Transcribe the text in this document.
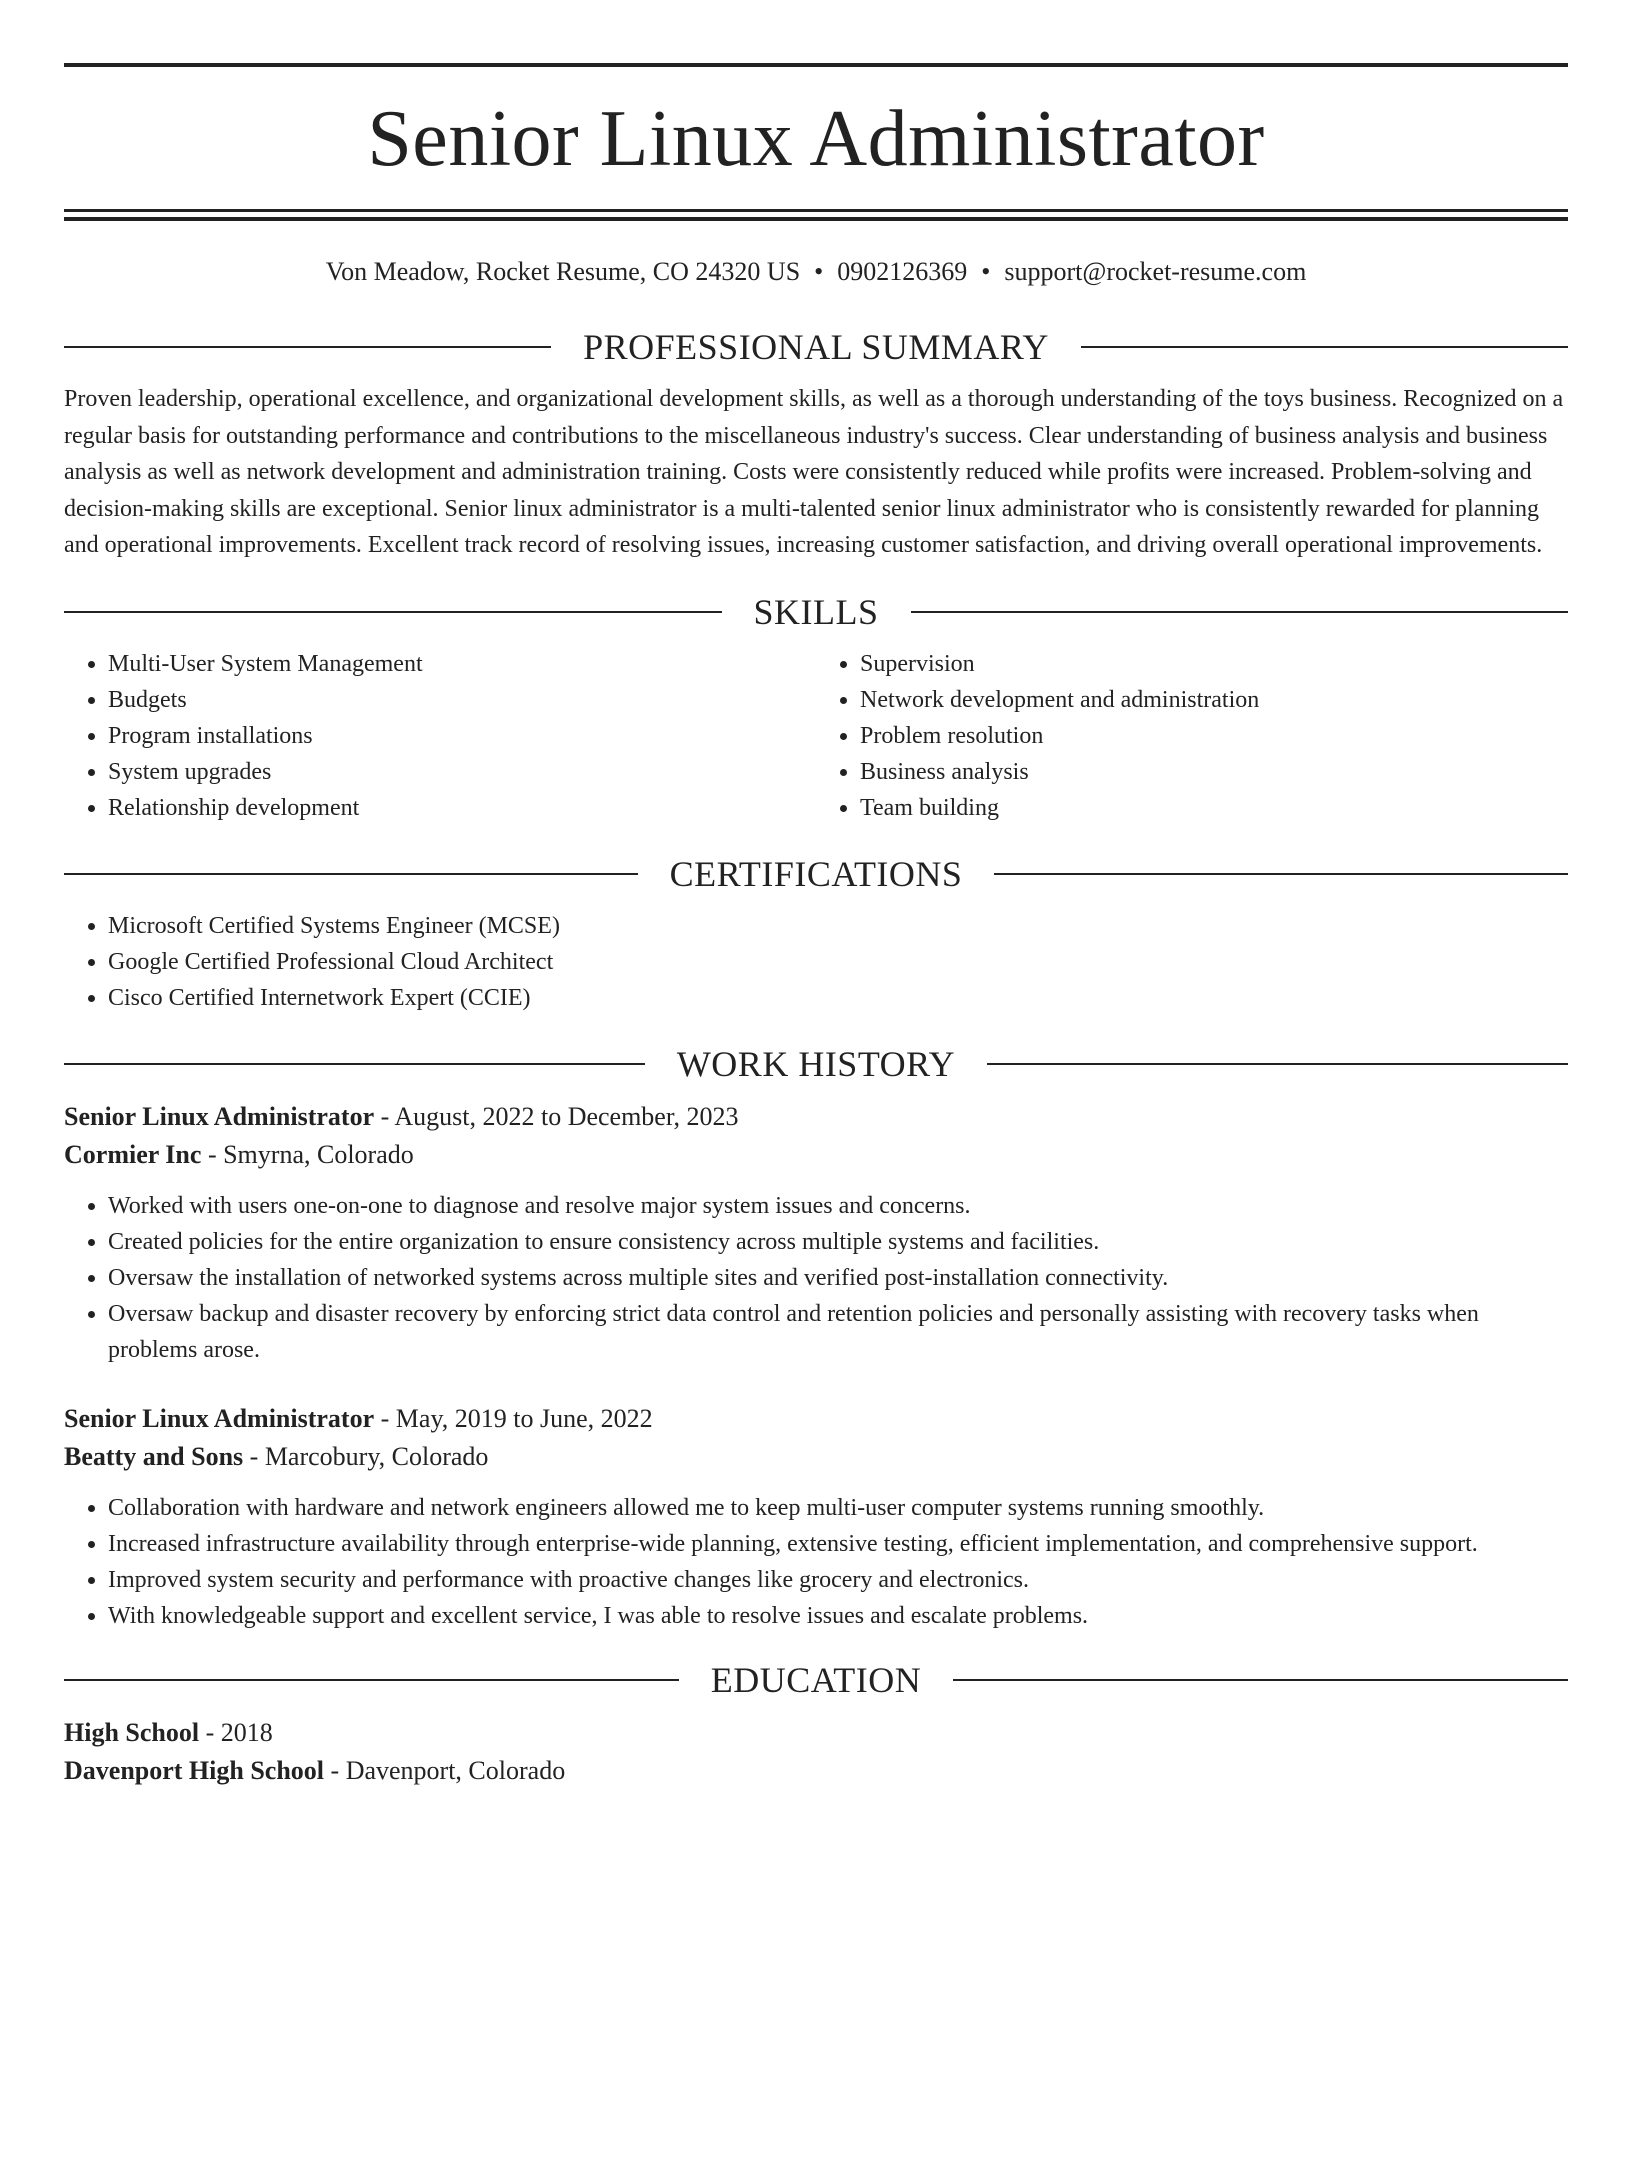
Senior Linux Administrator
Von Meadow, Rocket Resume, CO 24320 US • 0902126369 • support@rocket-resume.com
PROFESSIONAL SUMMARY

Proven leadership, operational excellence, and organizational development skills, as well as a thorough understanding of the toys business. Recognized on a regular basis for outstanding performance and contributions to the miscellaneous industry's success. Clear understanding of business analysis and business analysis as well as network development and administration training. Costs were consistently reduced while profits were increased. Problem-solving and decision-making skills are exceptional. Senior linux administrator is a multi-talented senior linux administrator who is consistently rewarded for planning and operational improvements. Excellent track record of resolving issues, increasing customer satisfaction, and driving overall operational improvements.

SKILLS
• Multi-User System Management
• Budgets
• Program installations
• System upgrades
• Relationship development
• Supervision
• Network development and administration
• Problem resolution
• Business analysis
• Team building
CERTIFICATIONS
• Microsoft Certified Systems Engineer (MCSE)
• Google Certified Professional Cloud Architect
• Cisco Certified Internetwork Expert (CCIE)
WORK HISTORY
Senior Linux Administrator - August, 2022 to December, 2023
Cormier Inc - Smyrna, Colorado
• Worked with users one-on-one to diagnose and resolve major system issues and concerns.
• Created policies for the entire organization to ensure consistency across multiple systems and facilities.
• Oversaw the installation of networked systems across multiple sites and verified post-installation connectivity.
• Oversaw backup and disaster recovery by enforcing strict data control and retention policies and personally assisting with recovery tasks when problems arose.
Senior Linux Administrator - May, 2019 to June, 2022
Beatty and Sons - Marcobury, Colorado
• Collaboration with hardware and network engineers allowed me to keep multi-user computer systems running smoothly.
• Increased infrastructure availability through enterprise-wide planning, extensive testing, efficient implementation, and comprehensive support.
• Improved system security and performance with proactive changes like grocery and electronics.
• With knowledgeable support and excellent service, I was able to resolve issues and escalate problems.
EDUCATION
High School - 2018
Davenport High School - Davenport, Colorado
